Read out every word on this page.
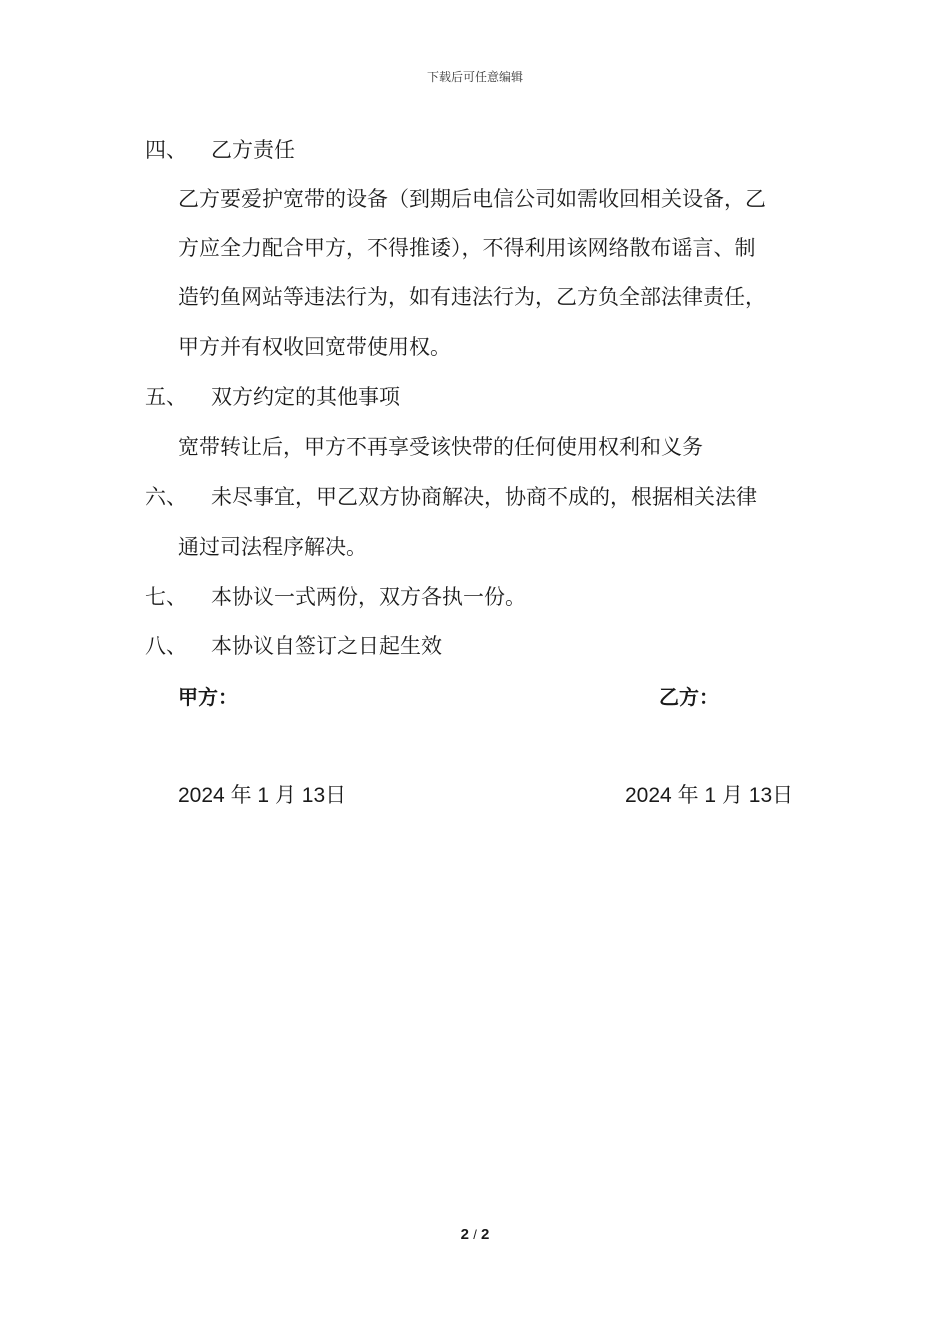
下载后可任意编辑
四、 乙方责任
乙方要爱护宽带的设备（到期后电信公司如需收回相关设备，乙
方应全力配合甲方，不得推诿），不得利用该网络散布谣言、制
造钓鱼网站等违法行为，如有违法行为，乙方负全部法律责任，
甲方并有权收回宽带使用权。
五、 双方约定的其他事项
宽带转让后，甲方不再享受该快带的任何使用权利和义务
六、 未尽事宜，甲乙双方协商解决，协商不成的，根据相关法律
通过司法程序解决。
七、 本协议一式两份，双方各执一份。
八、 本协议自签订之日起生效
甲方：	乙方：
2024 年 1 月 13日	2024 年 1 月 13日
2 / 2
